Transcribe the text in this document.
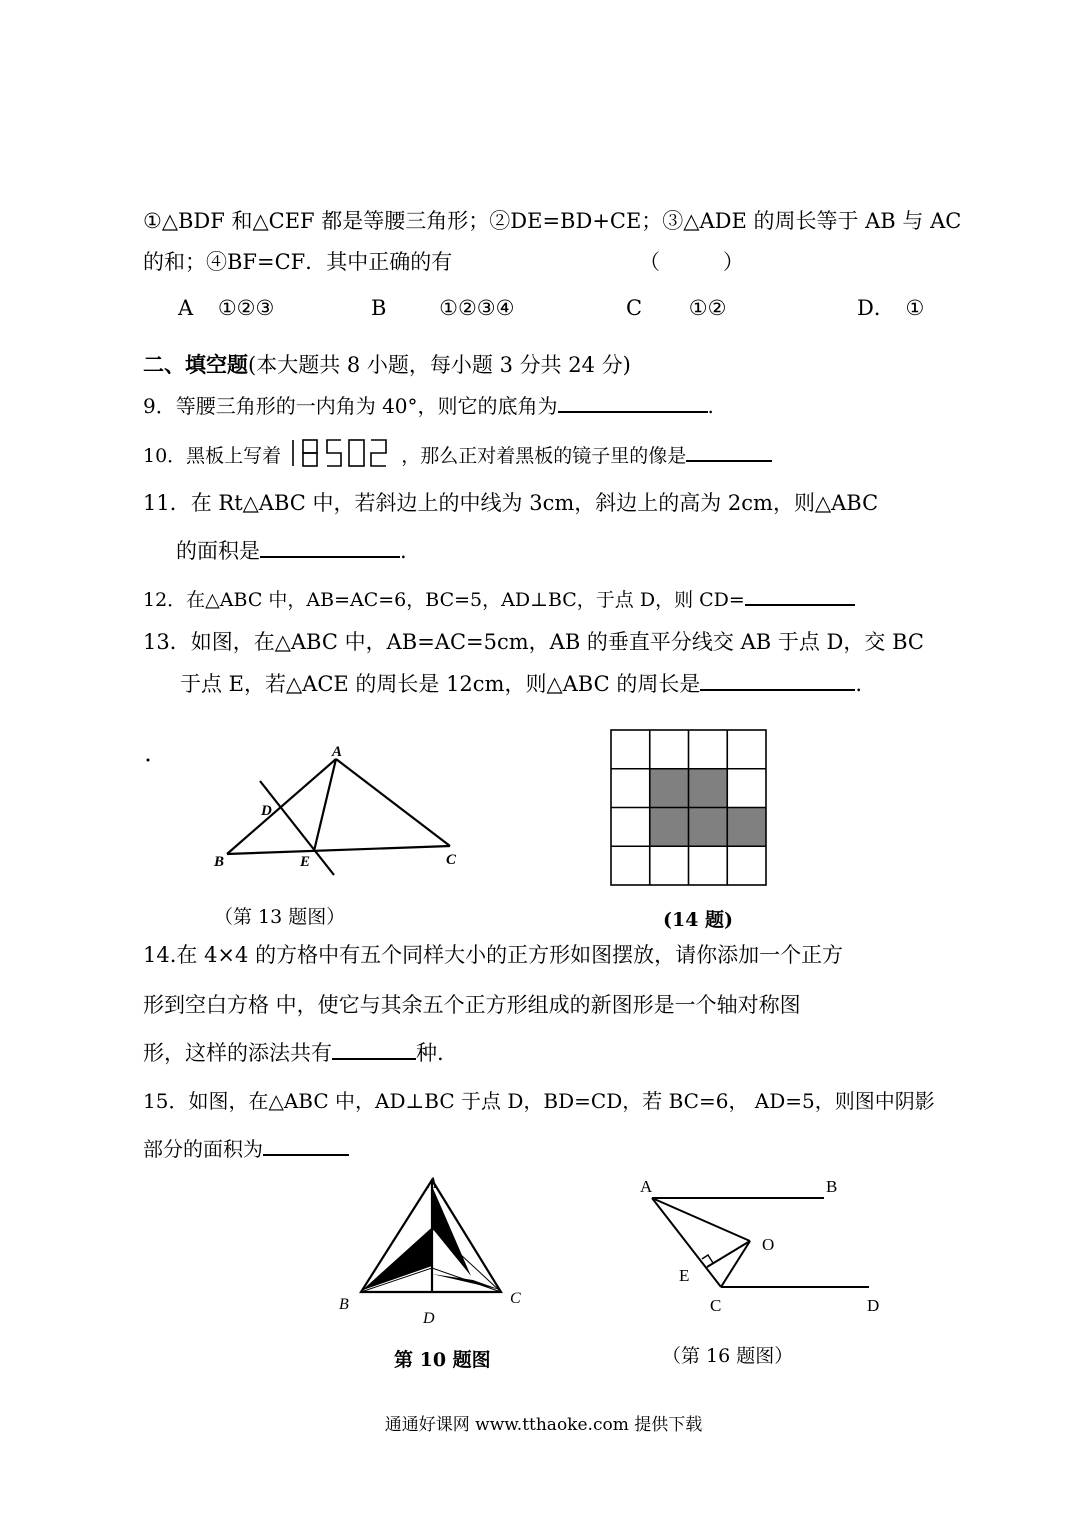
①△BDF 和△CEF 都是等腰三角形；②DE=BD+CE；③△ADE 的周长等于 AB 与 AC
的和；④BF=CF．其中正确的有	（　　　）
A ①②③	B	①②③④	C ①②	D． ①
二、填空题(本大题共 8 小题，每小题 3 分共 24 分)
9．等腰三角形的一内角为 40°，则它的底角为	.
10．黑板上写着	，那么正对着黑板的镜子里的像是
11．在 Rt△ABC 中，若斜边上的中线为 3cm，斜边上的高为 2cm，则△ABC
的面积是	.
12．在△ABC 中，AB=AC=6，BC=5，AD⊥BC，于点 D，则 CD=
13．如图，在△ABC 中，AB=AC=5cm，AB 的垂直平分线交 AB 于点 D，交 BC
于点 E，若△ACE 的周长是 12cm，则△ABC 的周长是	.
A
B	C
D
E
（第 13 题图）	(14 题)
14.在 4×4 的方格中有五个同样大小的正方形如图摆放，请你添加一个正方
形到空白方格 中，使它与其余五个正方形组成的新图形是一个轴对称图
形，这样的添法共有	种.
15．如图，在△ABC 中，AD⊥BC 于点 D，BD=CD，若 BC=6， AD=5，则图中阴影
部分的面积为
A
B	C
D
第 10 题图
A	B
C	D
E
O
（第 16 题图）
通通好课网 www.tthaoke.com 提供下载
